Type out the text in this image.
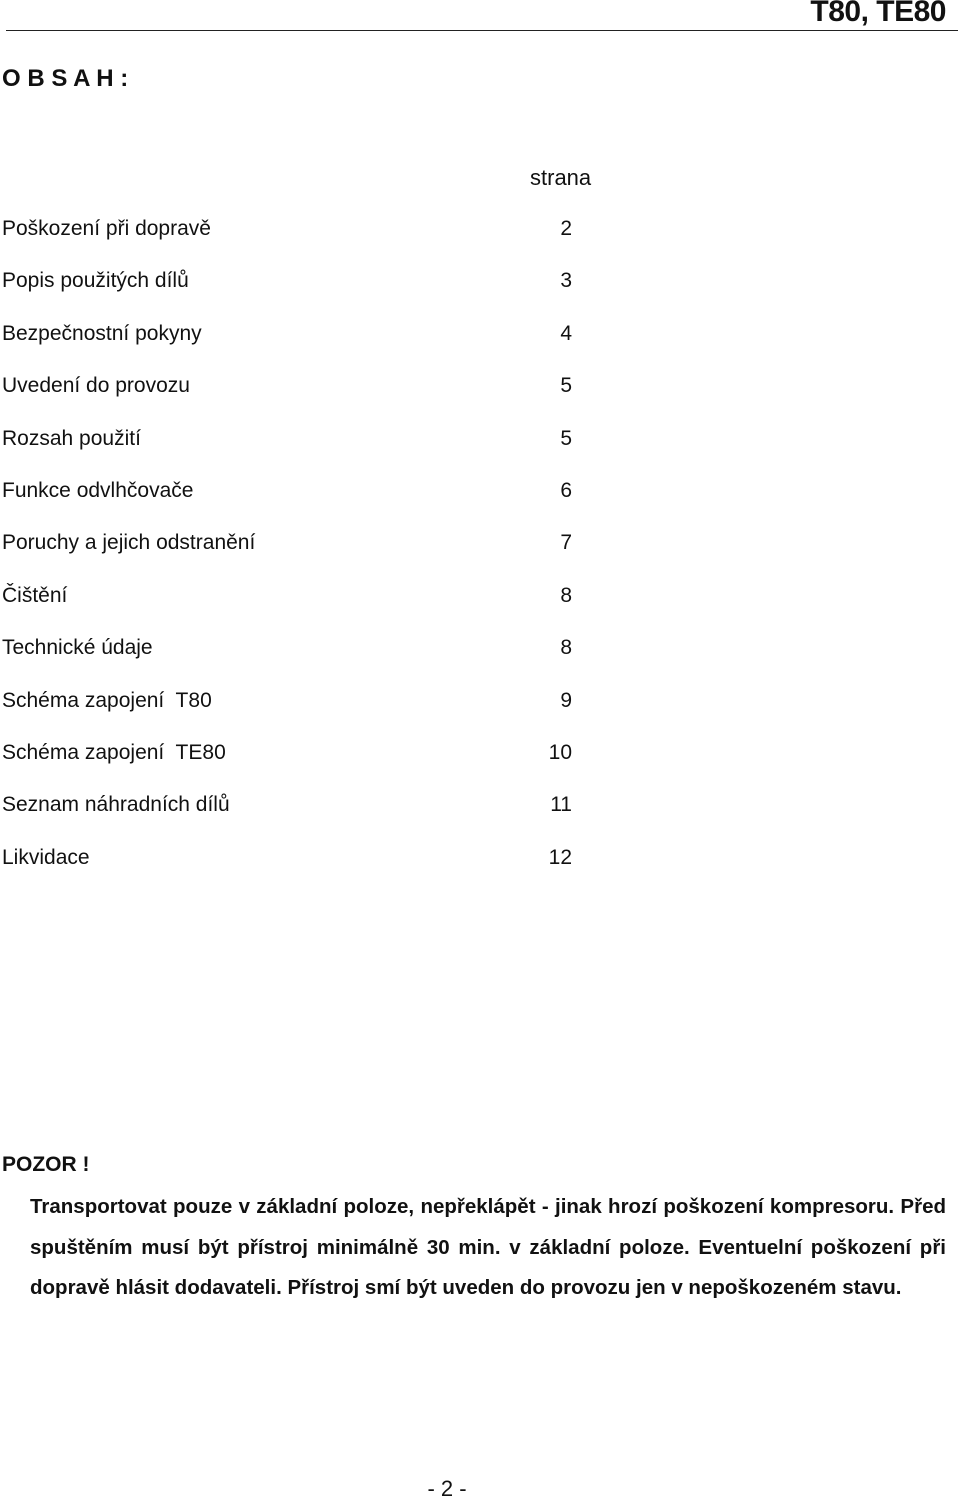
T80, TE80
O B S A H :
strana
Poškození při dopravě	2
Popis použitých dílů	3
Bezpečnostní pokyny	4
Uvedení do provozu	5
Rozsah použití	5
Funkce odvlhčovače	6
Poruchy a jejich odstranění	7
Čištění	8
Technické údaje	8
Schéma zapojení  T80	9
Schéma zapojení  TE80	10
Seznam náhradních dílů	11
Likvidace	12
POZOR !

Transportovat pouze v základní poloze, nepřeklápět - jinak hrozí poškození kompresoru. Před spuštěním musí být přístroj minimálně 30 min. v základní poloze. Eventuelní poškození při dopravě hlásit dodavateli. Přístroj smí být uveden do provozu jen v nepoškozeném stavu.

- 2 -
